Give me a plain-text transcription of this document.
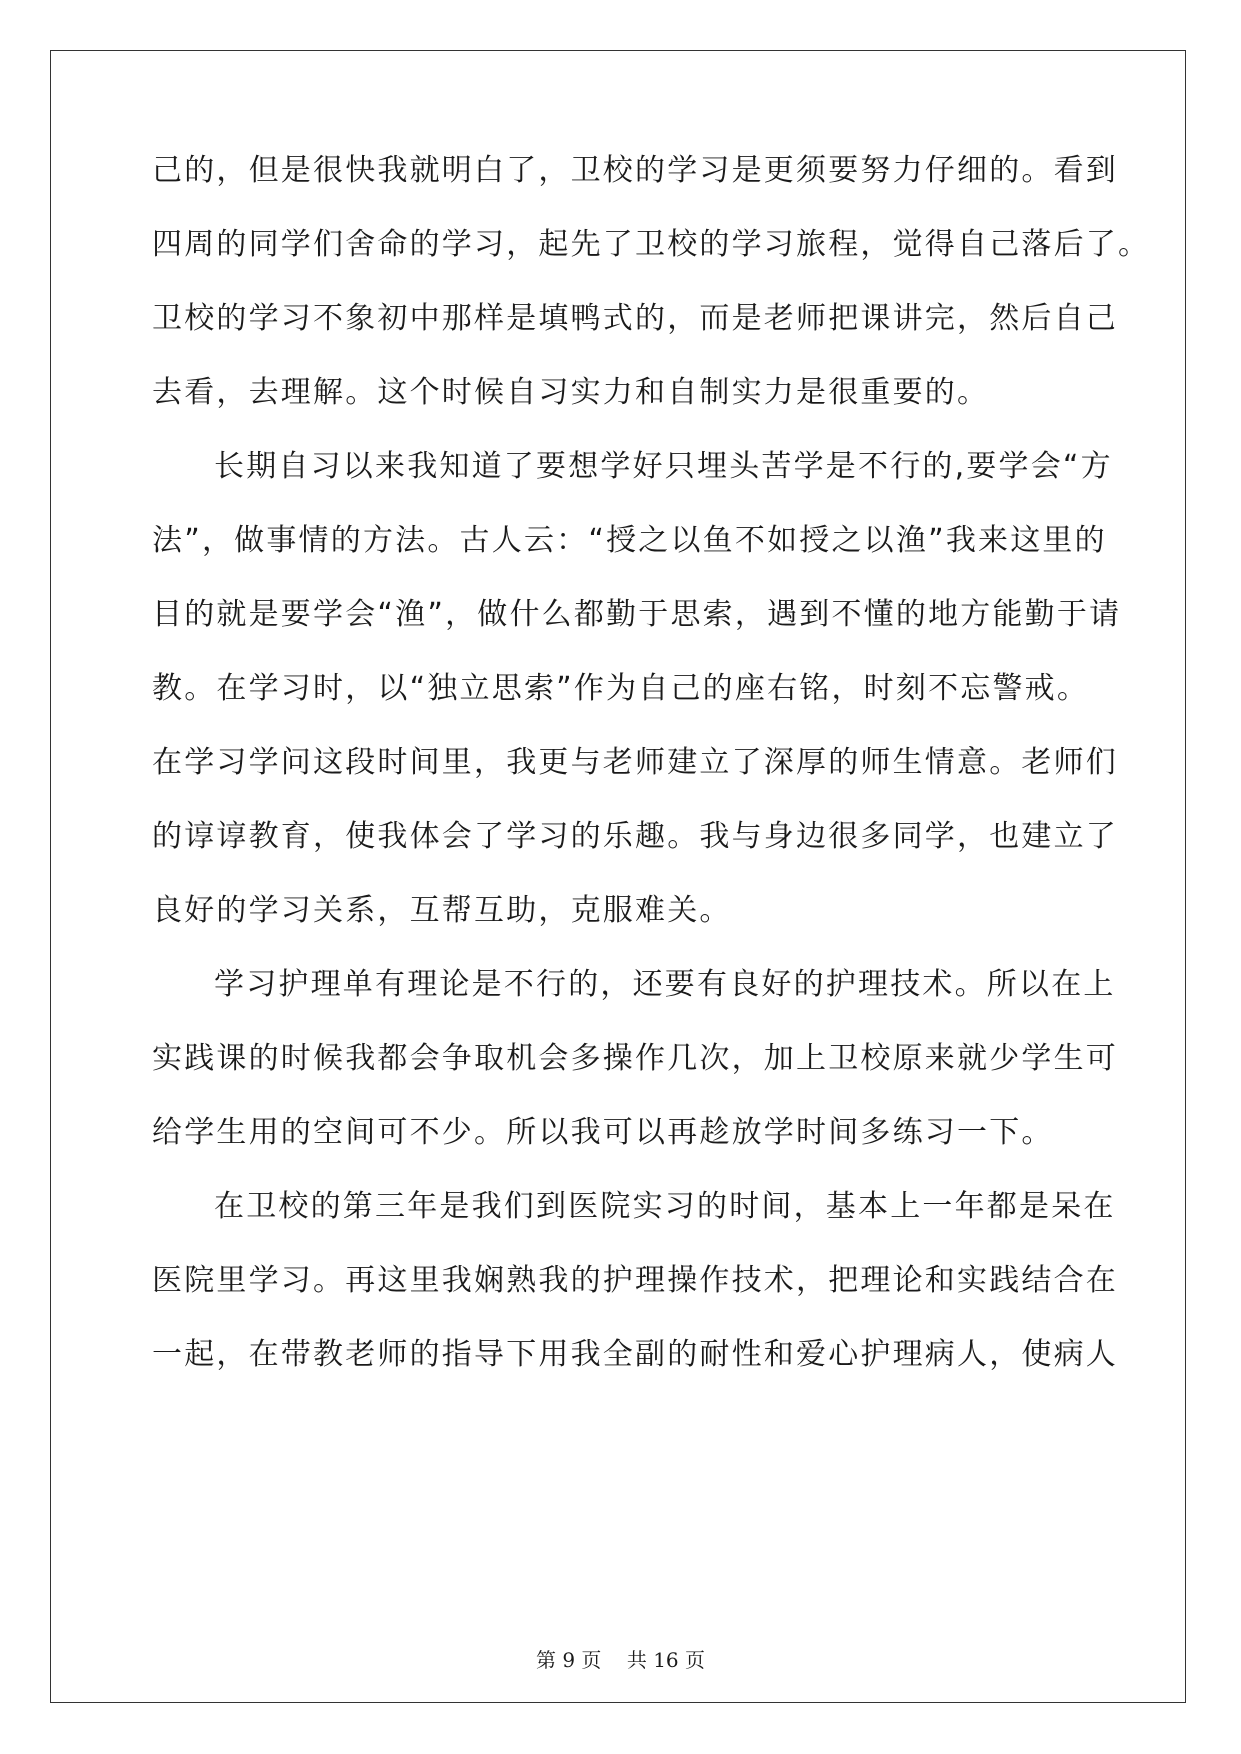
己的，但是很快我就明白了，卫校的学习是更须要努力仔细的。看到
四周的同学们舍命的学习，起先了卫校的学习旅程，觉得自己落后了。
卫校的学习不象初中那样是填鸭式的，而是老师把课讲完，然后自己
去看，去理解。这个时候自习实力和自制实力是很重要的。
长期自习以来我知道了要想学好只埋头苦学是不行的,要学会“方
法”，做事情的方法。古人云：“授之以鱼不如授之以渔”我来这里的
目的就是要学会“渔”，做什么都勤于思索，遇到不懂的地方能勤于请
教。在学习时，以“独立思索”作为自己的座右铭，时刻不忘警戒。
在学习学问这段时间里，我更与老师建立了深厚的师生情意。老师们
的谆谆教育，使我体会了学习的乐趣。我与身边很多同学，也建立了
良好的学习关系，互帮互助，克服难关。
学习护理单有理论是不行的，还要有良好的护理技术。所以在上
实践课的时候我都会争取机会多操作几次，加上卫校原来就少学生可
给学生用的空间可不少。所以我可以再趁放学时间多练习一下。
在卫校的第三年是我们到医院实习的时间，基本上一年都是呆在
医院里学习。再这里我娴熟我的护理操作技术，把理论和实践结合在
一起，在带教老师的指导下用我全副的耐性和爱心护理病人，使病人
第 9 页    共 16 页
